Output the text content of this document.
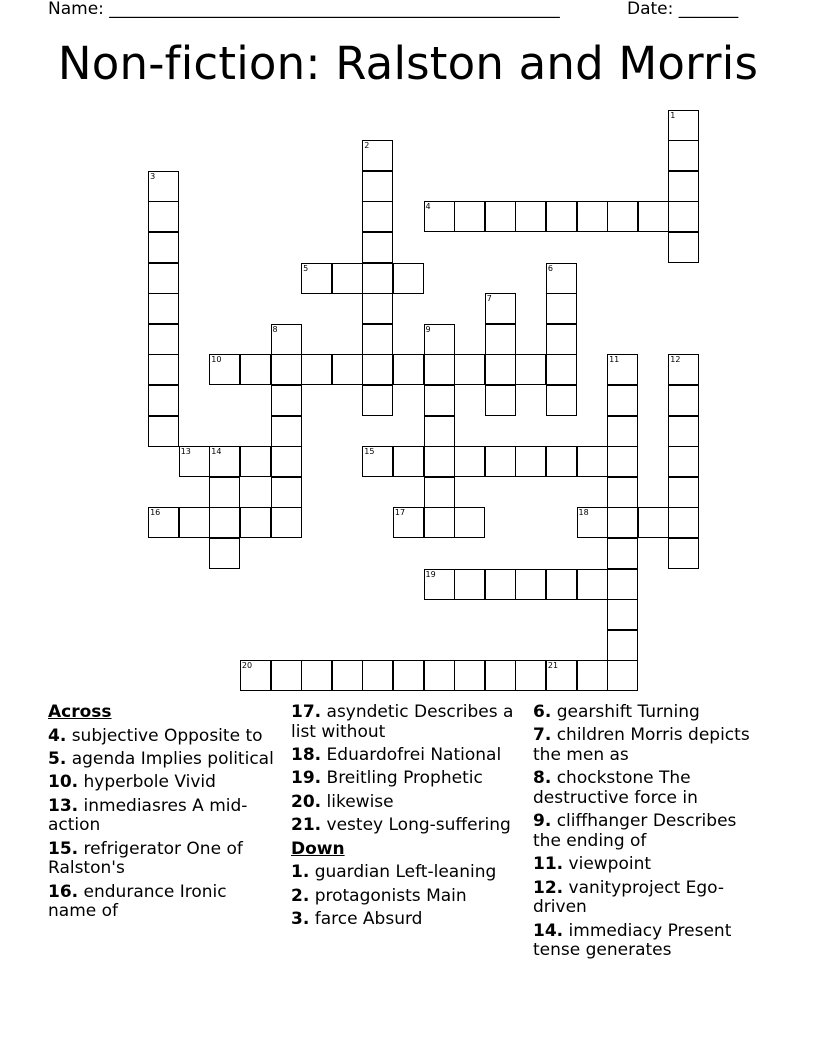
Name: _____________________________________________________	Date: _______
Non-fiction: Ralston and Morris
1
2
3
4
5	6
7
8	9
10	11	12
13	14	15
16	17	18
19
20	21
Across
4. subjective Opposite to
5. agenda Implies political
10. hyperbole Vivid
13. inmediasres A mid-action
15. refrigerator One of Ralston's
16. endurance Ironic name of
17. asyndetic Describes a list without
18. Eduardofrei National
19. Breitling Prophetic
20. likewise
21. vestey Long-suffering
Down
1. guardian Left-leaning
2. protagonists Main
3. farce Absurd
6. gearshift Turning
7. children Morris depicts the men as
8. chockstone The destructive force in
9. cliffhanger Describes the ending of
11. viewpoint
12. vanityproject Ego-driven
14. immediacy Present tense generates
